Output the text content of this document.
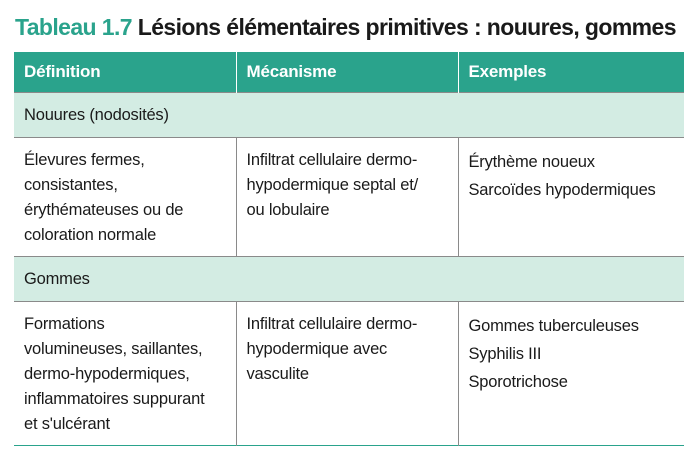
Tableau 1.7 Lésions élémentaires primitives : nouures, gommes
Définition	Mécanisme	Exemples
Nouures (nodosités)		

Élevures fermes,
consistantes,
érythémateuses ou de
coloration normale	Infiltrat cellulaire dermo-
hypodermique septal et/
ou lobulaire	Érythème noueux
Sarcoïdes hypodermiques

Gommes		

Formations
volumineuses, saillantes,
dermo-hypodermiques,
inflammatoires suppurant
et s'ulcérant	Infiltrat cellulaire dermo-
hypodermique avec
vasculite	Gommes tuberculeuses
Syphilis III
Sporotrichose
